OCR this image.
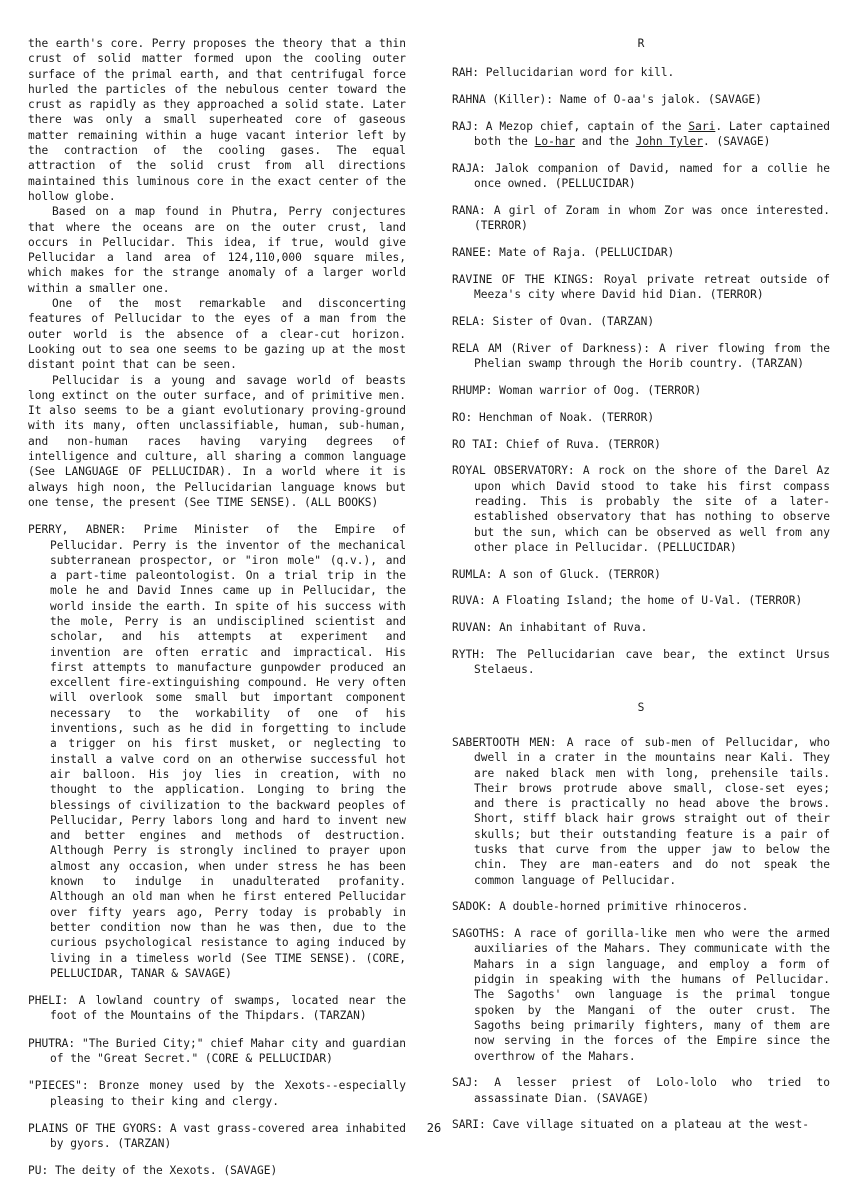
the earth's core. Perry proposes the theory that a thin crust of solid matter formed upon the cooling outer surface of the primal earth, and that centrifugal force hurled the particles of the nebulous center toward the crust as rapidly as they approached a solid state. Later there was only a small superheated core of gaseous matter remaining within a huge vacant interior left by the contraction of the cooling gases. The equal attraction of the solid crust from all directions maintained this luminous core in the exact center of the hollow globe.

Based on a map found in Phutra, Perry conjectures that where the oceans are on the outer crust, land occurs in Pellucidar. This idea, if true, would give Pellucidar a land area of 124,110,000 square miles, which makes for the strange anomaly of a larger world within a smaller one.

One of the most remarkable and disconcerting features of Pellucidar to the eyes of a man from the outer world is the absence of a clear-cut horizon. Looking out to sea one seems to be gazing up at the most distant point that can be seen.

Pellucidar is a young and savage world of beasts long extinct on the outer surface, and of primitive men. It also seems to be a giant evolutionary proving-ground with its many, often unclassifiable, human, sub-human, and non-human races having varying degrees of intelligence and culture, all sharing a common language (See LANGUAGE OF PELLUCIDAR). In a world where it is always high noon, the Pellucidarian language knows but one tense, the present (See TIME SENSE). (ALL BOOKS)

PERRY, ABNER: Prime Minister of the Empire of Pellucidar. Perry is the inventor of the mechanical subterranean prospector, or "iron mole" (q.v.), and a part-time paleontologist. On a trial trip in the mole he and David Innes came up in Pellucidar, the world inside the earth. In spite of his success with the mole, Perry is an undisciplined scientist and scholar, and his attempts at experiment and invention are often erratic and impractical. His first attempts to manufacture gunpowder produced an excellent fire-extinguishing compound. He very often will overlook some small but important component necessary to the workability of one of his inventions, such as he did in forgetting to include a trigger on his first musket, or neglecting to install a valve cord on an otherwise successful hot air balloon. His joy lies in creation, with no thought to the application. Longing to bring the blessings of civilization to the backward peoples of Pellucidar, Perry labors long and hard to invent new and better engines and methods of destruction. Although Perry is strongly inclined to prayer upon almost any occasion, when under stress he has been known to indulge in unadulterated profanity. Although an old man when he first entered Pellucidar over fifty years ago, Perry today is probably in better condition now than he was then, due to the curious psychological resistance to aging induced by living in a timeless world (See TIME SENSE). (CORE, PELLUCIDAR, TANAR & SAVAGE)

PHELI: A lowland country of swamps, located near the foot of the Mountains of the Thipdars. (TARZAN)

PHUTRA: "The Buried City;" chief Mahar city and guardian of the "Great Secret." (CORE & PELLUCIDAR)

"PIECES": Bronze money used by the Xexots--especially pleasing to their king and clergy.

PLAINS OF THE GYORS: A vast grass-covered area inhabited by gyors. (TARZAN)

PU: The deity of the Xexots. (SAVAGE)

R

RAH: Pellucidarian word for kill.

RAHNA (Killer): Name of O-aa's jalok. (SAVAGE)

RAJ: A Mezop chief, captain of the Sari. Later captained both the Lo-har and the John Tyler. (SAVAGE)

RAJA: Jalok companion of David, named for a collie he once owned. (PELLUCIDAR)

RANA: A girl of Zoram in whom Zor was once interested. (TERROR)

RANEE: Mate of Raja. (PELLUCIDAR)

RAVINE OF THE KINGS: Royal private retreat outside of Meeza's city where David hid Dian. (TERROR)

RELA: Sister of Ovan. (TARZAN)

RELA AM (River of Darkness): A river flowing from the Phelian swamp through the Horib country. (TARZAN)

RHUMP: Woman warrior of Oog. (TERROR)

RO: Henchman of Noak. (TERROR)

RO TAI: Chief of Ruva. (TERROR)

ROYAL OBSERVATORY: A rock on the shore of the Darel Az upon which David stood to take his first compass reading. This is probably the site of a later-established observatory that has nothing to observe but the sun, which can be observed as well from any other place in Pellucidar. (PELLUCIDAR)

RUMLA: A son of Gluck. (TERROR)

RUVA: A Floating Island; the home of U-Val. (TERROR)

RUVAN: An inhabitant of Ruva.

RYTH: The Pellucidarian cave bear, the extinct Ursus Stelaeus.

S

SABERTOOTH MEN: A race of sub-men of Pellucidar, who dwell in a crater in the mountains near Kali. They are naked black men with long, prehensile tails. Their brows protrude above small, close-set eyes; and there is practically no head above the brows. Short, stiff black hair grows straight out of their skulls; but their outstanding feature is a pair of tusks that curve from the upper jaw to below the chin. They are man-eaters and do not speak the common language of Pellucidar.

SADOK: A double-horned primitive rhinoceros.

SAGOTHS: A race of gorilla-like men who were the armed auxiliaries of the Mahars. They communicate with the Mahars in a sign language, and employ a form of pidgin in speaking with the humans of Pellucidar. The Sagoths' own language is the primal tongue spoken by the Mangani of the outer crust. The Sagoths being primarily fighters, many of them are now serving in the forces of the Empire since the overthrow of the Mahars.

SAJ: A lesser priest of Lolo-lolo who tried to assassinate Dian. (SAVAGE)

SARI: Cave village situated on a plateau at the west-

26
